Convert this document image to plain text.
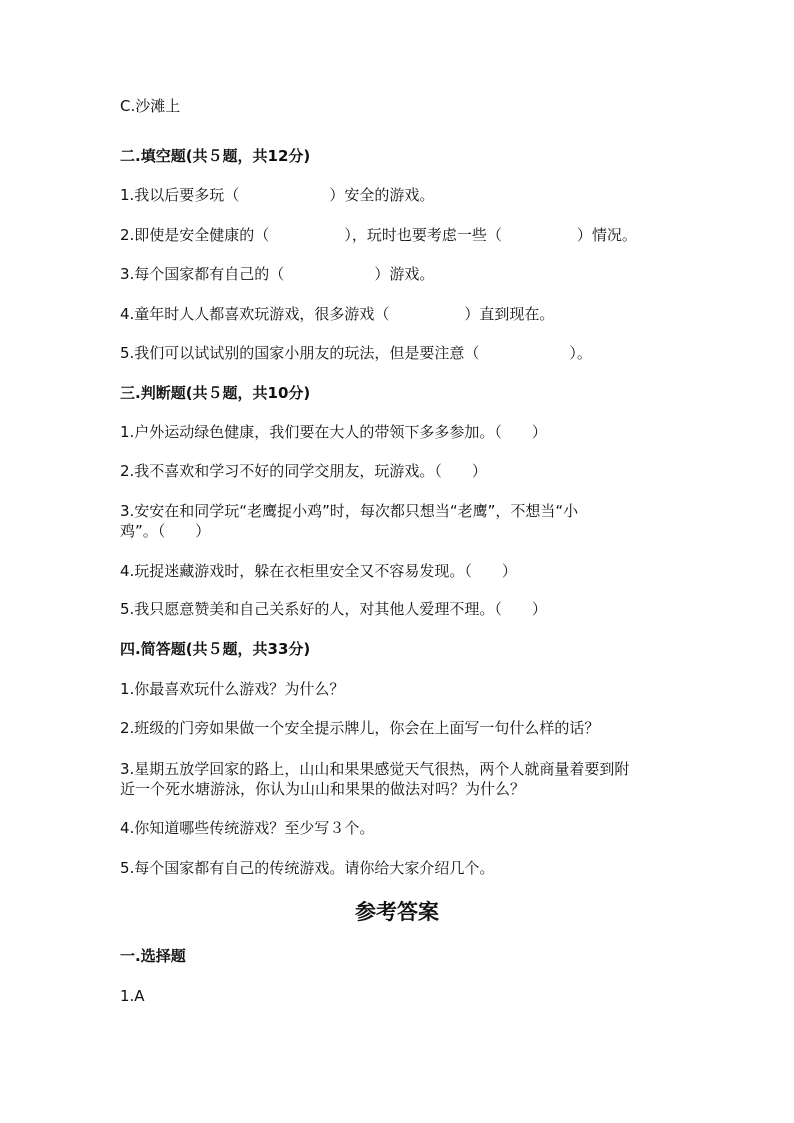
C.沙滩上
二.填空题(共５题，共12分)
1.我以后要多玩（　　　　　　）安全的游戏。
2.即使是安全健康的（　　　　　），玩时也要考虑一些（　　　　　）情况。
3.每个国家都有自己的（　　　　　　）游戏。
4.童年时人人都喜欢玩游戏，很多游戏（　　　　　）直到现在。
5.我们可以试试别的国家小朋友的玩法，但是要注意（　　　　　　）。
三.判断题(共５题，共10分)
1.户外运动绿色健康，我们要在大人的带领下多多参加。（　　）
2.我不喜欢和学习不好的同学交朋友，玩游戏。（　　）
3.安安在和同学玩“老鹰捉小鸡”时，每次都只想当“老鹰”，不想当“小
鸡”。（　　）
4.玩捉迷藏游戏时，躲在衣柜里安全又不容易发现。（　　）
5.我只愿意赞美和自己关系好的人，对其他人爱理不理。（　　）
四.简答题(共５题，共33分)
1.你最喜欢玩什么游戏？为什么？
2.班级的门旁如果做一个安全提示牌儿，你会在上面写一句什么样的话？
3.星期五放学回家的路上，山山和果果感觉天气很热，两个人就商量着要到附
近一个死水塘游泳，你认为山山和果果的做法对吗？为什么？
4.你知道哪些传统游戏？至少写３个。
5.每个国家都有自己的传统游戏。请你给大家介绍几个。
参考答案
一.选择题
1.A
